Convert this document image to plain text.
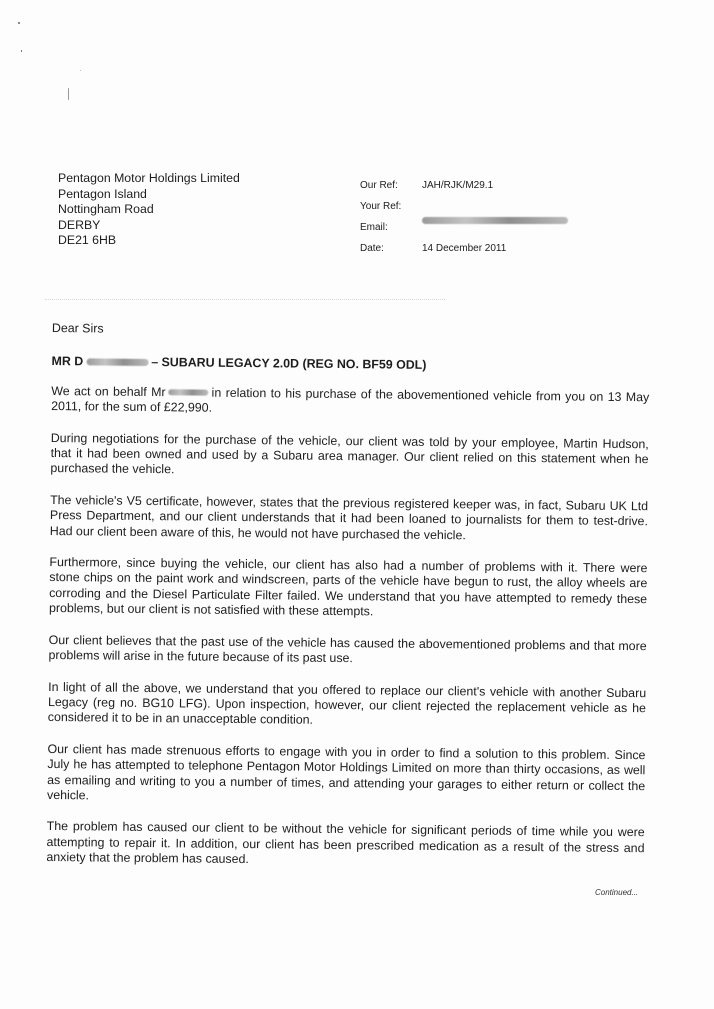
Pentagon Motor Holdings Limited
Pentagon Island
Nottingham Road
DERBY
DE21 6HB
Our Ref:	JAH/RJK/M29.1
Your Ref:
Email:
Date:	14 December 2011
Dear Sirs
MR D	– SUBARU LEGACY 2.0D (REG NO. BF59 ODL)

We act on behalf Mr	in relation to his purchase of the abovementioned vehicle from you on 13 May 2011, for the sum of £22,990.

During negotiations for the purchase of the vehicle, our client was told by your employee, Martin Hudson, that it had been owned and used by a Subaru area manager. Our client relied on this statement when he purchased the vehicle.

The vehicle's V5 certificate, however, states that the previous registered keeper was, in fact, Subaru UK Ltd Press Department, and our client understands that it had been loaned to journalists for them to test-drive. Had our client been aware of this, he would not have purchased the vehicle.

Furthermore, since buying the vehicle, our client has also had a number of problems with it. There were stone chips on the paint work and windscreen, parts of the vehicle have begun to rust, the alloy wheels are corroding and the Diesel Particulate Filter failed. We understand that you have attempted to remedy these problems, but our client is not satisfied with these attempts.

Our client believes that the past use of the vehicle has caused the abovementioned problems and that more problems will arise in the future because of its past use.

In light of all the above, we understand that you offered to replace our client's vehicle with another Subaru Legacy (reg no. BG10 LFG). Upon inspection, however, our client rejected the replacement vehicle as he considered it to be in an unacceptable condition.

Our client has made strenuous efforts to engage with you in order to find a solution to this problem. Since July he has attempted to telephone Pentagon Motor Holdings Limited on more than thirty occasions, as well as emailing and writing to you a number of times, and attending your garages to either return or collect the vehicle.

The problem has caused our client to be without the vehicle for significant periods of time while you were attempting to repair it. In addition, our client has been prescribed medication as a result of the stress and anxiety that the problem has caused.

Continued...
